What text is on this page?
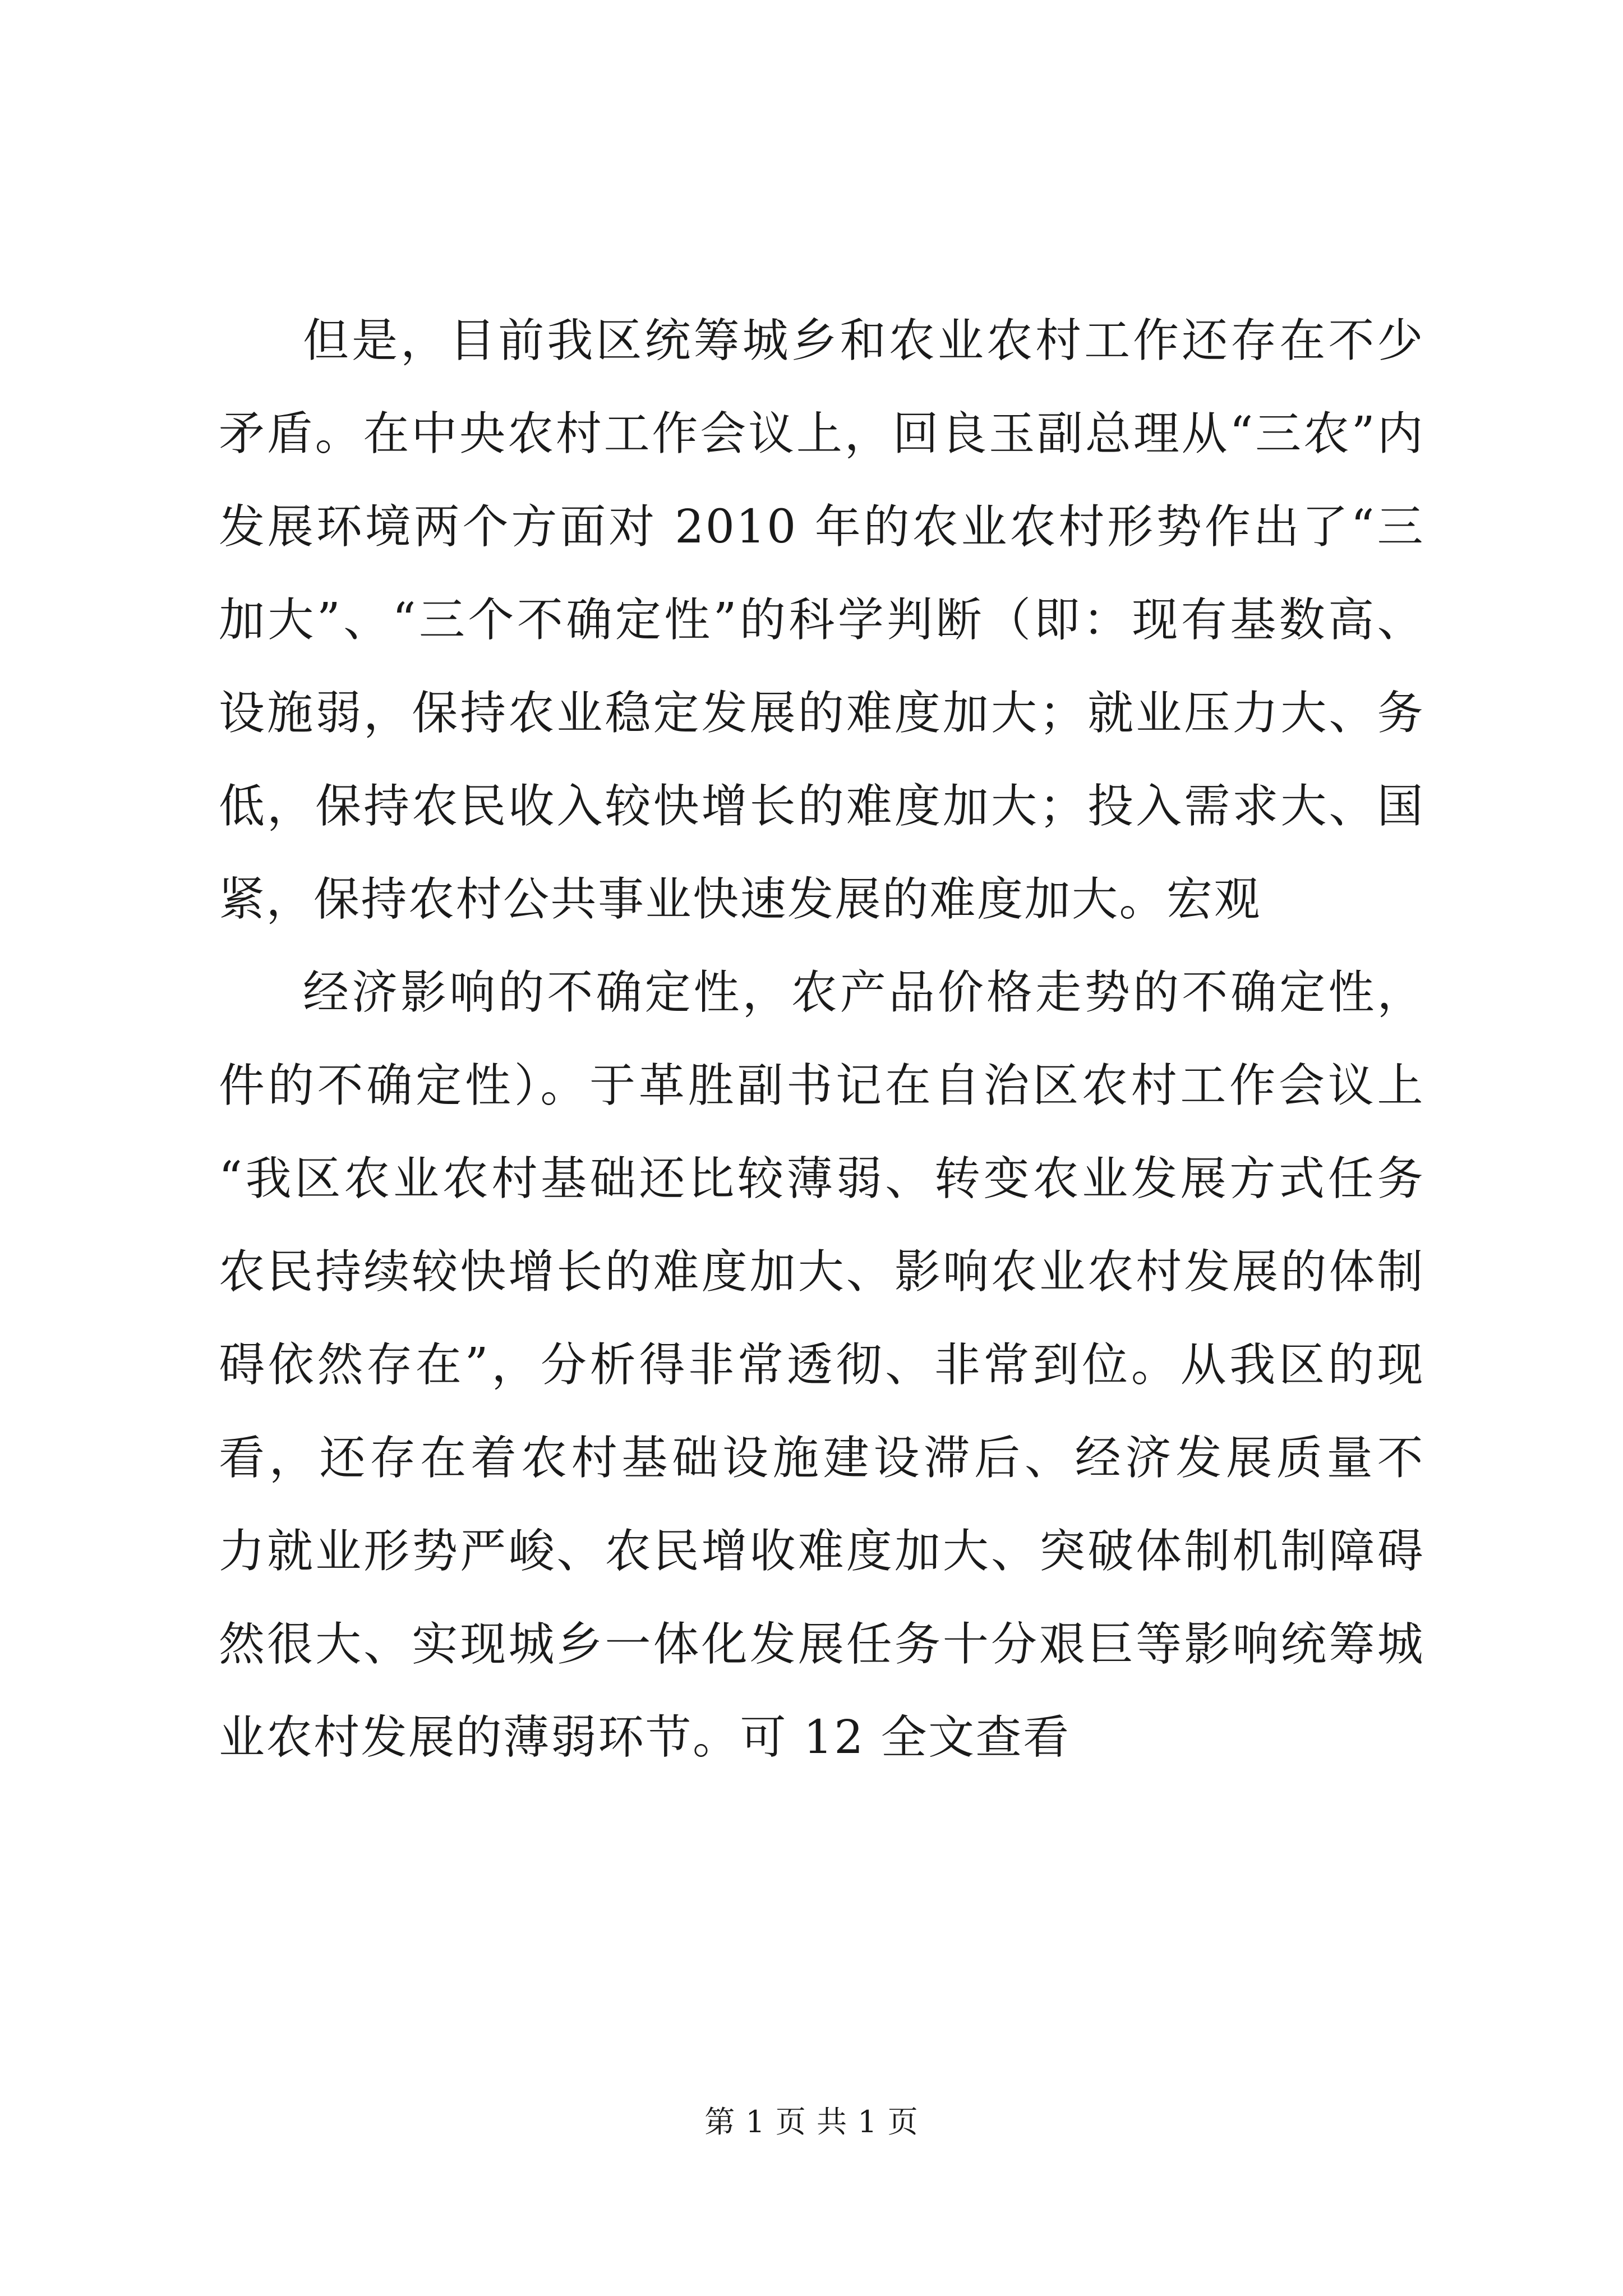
但是，目前我区统筹城乡和农业农村工作还存在不少
矛盾。在中央农村工作会议上，回良玉副总理从“三农”内
发展环境两个方面对 2010 年的农业农村形势作出了“三
加大”、“三个不确定性”的科学判断（即：现有基数高、
设施弱，保持农业稳定发展的难度加大；就业压力大、务
低，保持农民收入较快增长的难度加大；投入需求大、国
紧，保持农村公共事业快速发展的难度加大。宏观
经济影响的不确定性，农产品价格走势的不确定性，
件的不确定性）。于革胜副书记在自治区农村工作会议上
“我区农业农村基础还比较薄弱、转变农业发展方式任务
农民持续较快增长的难度加大、影响农业农村发展的体制
碍依然存在”，分析得非常透彻、非常到位。从我区的现
看，还存在着农村基础设施建设滞后、经济发展质量不
力就业形势严峻、农民增收难度加大、突破体制机制障碍
然很大、实现城乡一体化发展任务十分艰巨等影响统筹城
业农村发展的薄弱环节。可 12 全文查看
第 1 页 共 1 页
